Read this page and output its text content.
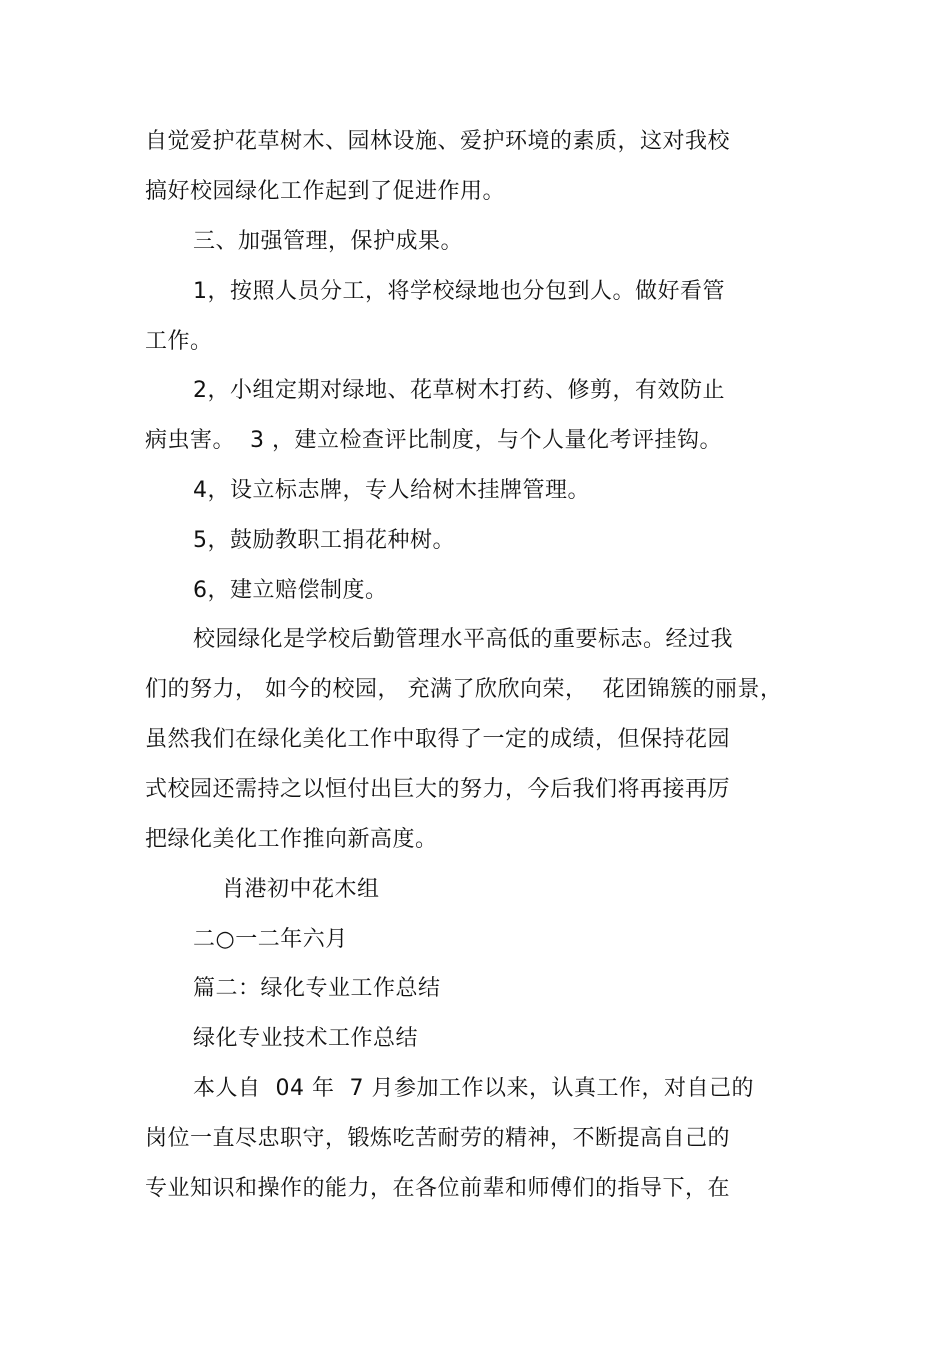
自觉爱护花草树木、园林设施、爱护环境的素质，这对我校
搞好校园绿化工作起到了促进作用。
三、加强管理，保护成果。
1，按照人员分工，将学校绿地也分包到人。做好看管
工作。
2，小组定期对绿地、花草树木打药、修剪，有效防止
病虫害。  3 ，建立检查评比制度，与个人量化考评挂钩。
4，设立标志牌，专人给树木挂牌管理。
5，鼓励教职工捐花种树。
6，建立赔偿制度。
校园绿化是学校后勤管理水平高低的重要标志。经过我
们的努力， 如今的校园， 充满了欣欣向荣，  花团锦簇的丽景，
虽然我们在绿化美化工作中取得了一定的成绩，但保持花园
式校园还需持之以恒付出巨大的努力，今后我们将再接再厉
把绿化美化工作推向新高度。
肖港初中花木组
二○一二年六月
篇二：绿化专业工作总结
绿化专业技术工作总结
本人自  04 年  7 月参加工作以来，认真工作，对自己的
岗位一直尽忠职守，锻炼吃苦耐劳的精神，不断提高自己的
专业知识和操作的能力，在各位前辈和师傅们的指导下，在
